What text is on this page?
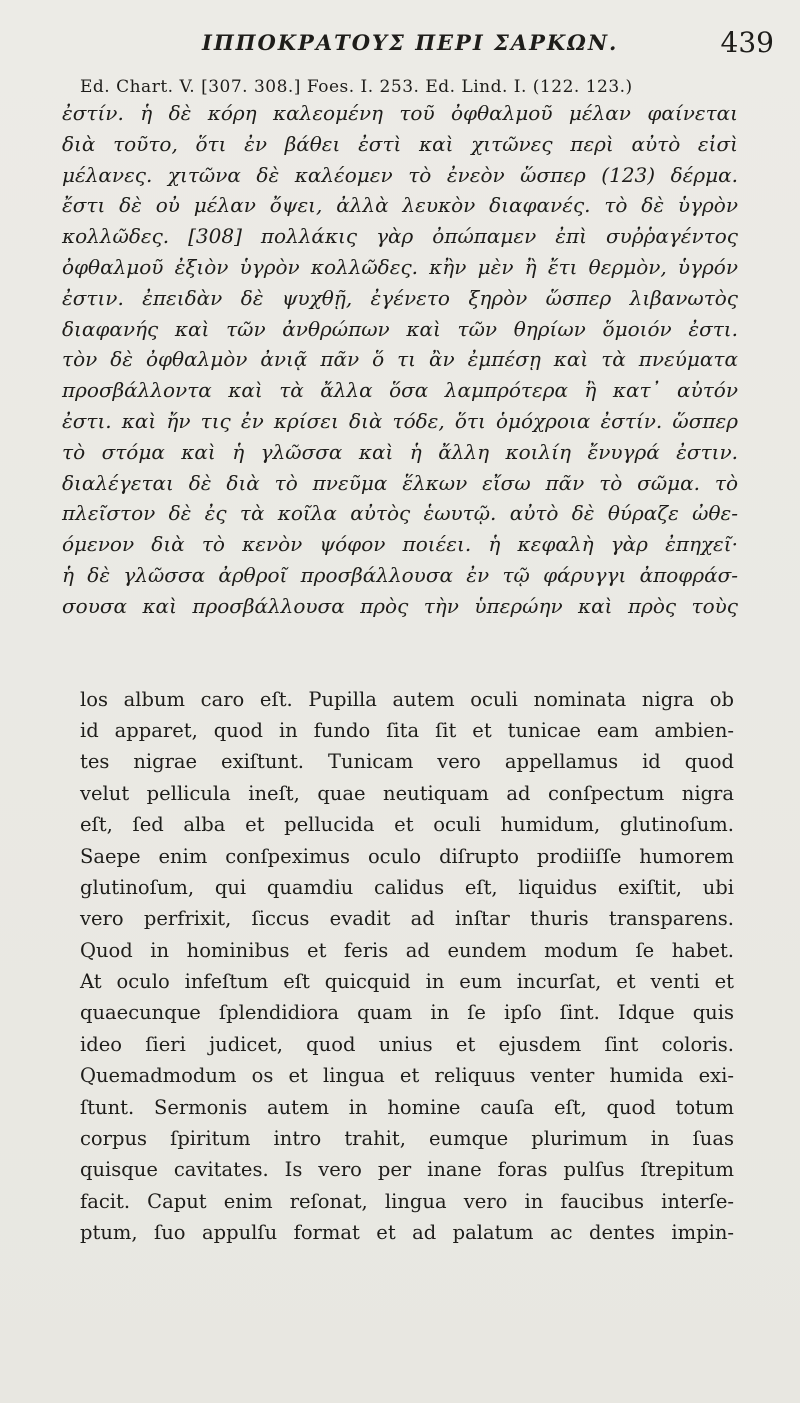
ΙΠΠΟΚΡΑΤΟΥΣ ΠΕΡΙ ΣΑΡΚΩΝ.	439
Ed. Chart. V. [307. 308.] Foes. I. 253. Ed. Lind. I. (122. 123.)
ἐστίν. ἡ δὲ κόρη καλεομένη τοῦ ὀφθαλμοῦ μέλαν φαίνεται
διὰ τοῦτο, ὅτι ἐν βάθει ἐστὶ καὶ χιτῶνες περὶ αὐτὸ εἰσὶ
μέλανες. χιτῶνα δὲ καλέομεν τὸ ἐνεὸν ὥσπερ (123) δέρμα.
ἔστι δὲ οὐ μέλαν ὄψει, ἀλλὰ λευκὸν διαφανές. τὸ δὲ ὑγρὸν
κολλῶδες. [308] πολλάκις γὰρ ὀπώπαμεν ἐπὶ συῤῥαγέντος
ὀφθαλμοῦ ἐξιὸν ὑγρὸν κολλῶδες. κἢν μὲν ἢ ἔτι θερμὸν, ὑγρόν
ἐστιν. ἐπειδὰν δὲ ψυχθῇ, ἐγένετο ξηρὸν ὥσπερ λιβανωτὸς
διαφανής καὶ τῶν ἀνθρώπων καὶ τῶν θηρίων ὅμοιόν ἐστι.
τὸν δὲ ὀφθαλμὸν ἀνιᾷ πᾶν ὅ τι ἂν ἐμπέσῃ καὶ τὰ πνεύματα
προσβάλλοντα καὶ τὰ ἄλλα ὅσα λαμπρότερα ἢ κατ᾽ αὐτόν
ἐστι. καὶ ἤν τις ἐν κρίσει διὰ τόδε, ὅτι ὁμόχροια ἐστίν. ὥσπερ
τὸ στόμα καὶ ἡ γλῶσσα καὶ ἡ ἄλλη κοιλίη ἔνυγρά ἐστιν.
διαλέγεται δὲ διὰ τὸ πνεῦμα ἕλκων εἴσω πᾶν τὸ σῶμα. τὸ
πλεῖστον δὲ ἐς τὰ κοῖλα αὐτὸς ἑωυτῷ. αὐτὸ δὲ θύραζε ὠθε-
όμενον διὰ τὸ κενὸν ψόφον ποιέει. ἡ κεφαλὴ γὰρ ἐπηχεῖ·
ἡ δὲ γλῶσσα ἀρθροῖ προσβάλλουσα ἐν τῷ φάρυγγι ἀποφράσ-
σουσα καὶ προσβάλλουσα πρὸς τὴν ὑπερώην καὶ πρὸς τοὺς
los album caro eſt. Pupilla autem oculi nominata nigra ob
id apparet, quod in fundo ſita ſit et tunicae eam ambien-
tes nigrae exiſtunt. Tunicam vero appellamus id quod
velut pellicula ineſt, quae neutiquam ad conſpectum nigra
eſt, ſed alba et pellucida et oculi humidum, glutinoſum.
Saepe enim conſpeximus oculo diſrupto prodiiſſe humorem
glutinoſum, qui quamdiu calidus eſt, liquidus exiſtit, ubi
vero perfrixit, ſiccus evadit ad inſtar thuris transparens.
Quod in hominibus et feris ad eundem modum ſe habet.
At oculo infeſtum eſt quicquid in eum incurſat, et venti et
quaecunque ſplendidiora quam in ſe ipſo ſint. Idque quis
ideo ſieri judicet, quod unius et ejusdem ſint coloris.
Quemadmodum os et lingua et reliquus venter humida exi-
ſtunt. Sermonis autem in homine cauſa eſt, quod totum
corpus ſpiritum intro trahit, eumque plurimum in ſuas
quisque cavitates. Is vero per inane foras pulſus ſtrepitum
facit. Caput enim reſonat, lingua vero in faucibus interſe-
ptum, ſuo appulſu format et ad palatum ac dentes impin-
